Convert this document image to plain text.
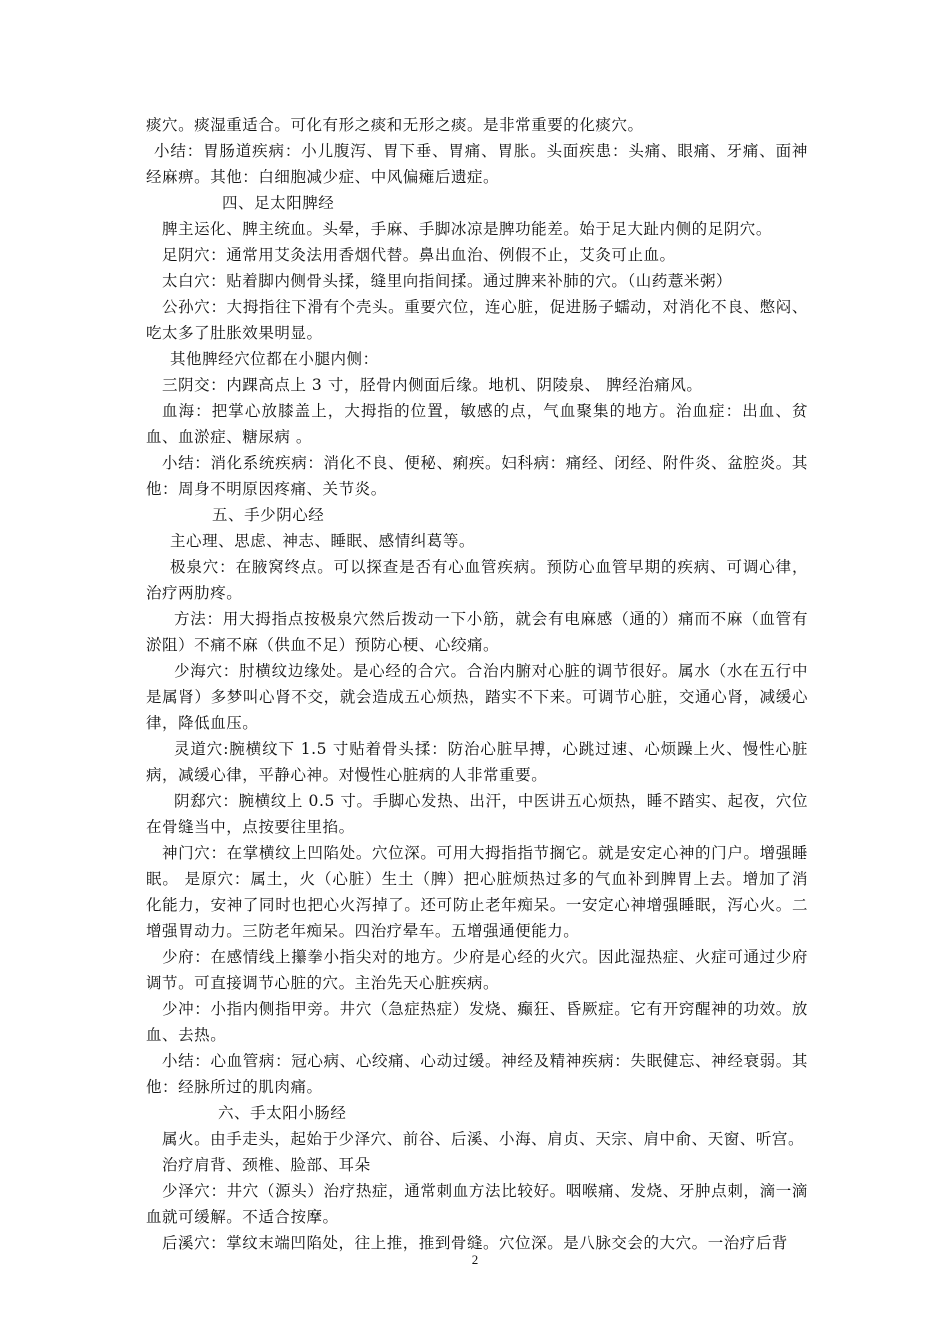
痰穴。痰湿重适合。可化有形之痰和无形之痰。是非常重要的化痰穴。

小结：胃肠道疾病：小儿腹泻、胃下垂、胃痛、胃胀。头面疾患：头痛、眼痛、牙痛、面神经麻痹。其他：白细胞减少症、中风偏瘫后遗症。

四、足太阳脾经

脾主运化、脾主统血。头晕，手麻、手脚冰凉是脾功能差。始于足大趾内侧的足阴穴。

足阴穴：通常用艾灸法用香烟代替。鼻出血治、例假不止，艾灸可止血。

太白穴：贴着脚内侧骨头揉，缝里向指间揉。通过脾来补肺的穴。（山药薏米粥）

公孙穴：大拇指往下滑有个壳头。重要穴位，连心脏，促进肠子蠕动，对消化不良、憋闷、吃太多了肚胀效果明显。

其他脾经穴位都在小腿内侧：

三阴交：内踝高点上 3 寸，胫骨内侧面后缘。地机、阴陵泉、 脾经治痛风。

血海：把掌心放膝盖上，大拇指的位置，敏感的点，气血聚集的地方。治血症：出血、贫血、血淤症、糖尿病 。

小结：消化系统疾病：消化不良、便秘、痢疾。妇科病：痛经、闭经、附件炎、盆腔炎。其他：周身不明原因疼痛、关节炎。

五、手少阴心经

主心理、思虑、神志、睡眠、感情纠葛等。

极泉穴：在腋窝终点。可以探查是否有心血管疾病。预防心血管早期的疾病、可调心律，治疗两肋疼。

方法：用大拇指点按极泉穴然后拨动一下小筋，就会有电麻感（通的）痛而不麻（血管有淤阻）不痛不麻（供血不足）预防心梗、心绞痛。

少海穴：肘横纹边缘处。是心经的合穴。合治内腑对心脏的调节很好。属水（水在五行中是属肾）多梦叫心肾不交，就会造成五心烦热，踏实不下来。可调节心脏，交通心肾，减缓心律，降低血压。

灵道穴:腕横纹下 1.5 寸贴着骨头揉：防治心脏早搏，心跳过速、心烦躁上火、慢性心脏病，减缓心律，平静心神。对慢性心脏病的人非常重要。

阴郄穴：腕横纹上 0.5 寸。手脚心发热、出汗，中医讲五心烦热，睡不踏实、起夜，穴位在骨缝当中，点按要往里掐。

神门穴：在掌横纹上凹陷处。穴位深。可用大拇指指节搁它。就是安定心神的门户。增强睡眠。 是原穴：属土，火（心脏）生土（脾）把心脏烦热过多的气血补到脾胃上去。增加了消化能力，安神了同时也把心火泻掉了。还可防止老年痴呆。一安定心神增强睡眠，泻心火。二增强胃动力。三防老年痴呆。四治疗晕车。五增强通便能力。

少府：在感情线上攥拳小指尖对的地方。少府是心经的火穴。因此湿热症、火症可通过少府调节。可直接调节心脏的穴。主治先天心脏疾病。

少冲：小指内侧指甲旁。井穴（急症热症）发烧、癫狂、昏厥症。它有开窍醒神的功效。放血、去热。

小结：心血管病：冠心病、心绞痛、心动过缓。神经及精神疾病：失眠健忘、神经衰弱。其他：经脉所过的肌肉痛。

六、手太阳小肠经

属火。由手走头，起始于少泽穴、前谷、后溪、小海、肩贞、天宗、肩中俞、天窗、听宫。

治疗肩背、颈椎、脸部、耳朵

少泽穴：井穴（源头）治疗热症，通常刺血方法比较好。咽喉痛、发烧、牙肿点刺，滴一滴血就可缓解。不适合按摩。

后溪穴：掌纹末端凹陷处，往上推，推到骨缝。穴位深。是八脉交会的大穴。一治疗后背

2
